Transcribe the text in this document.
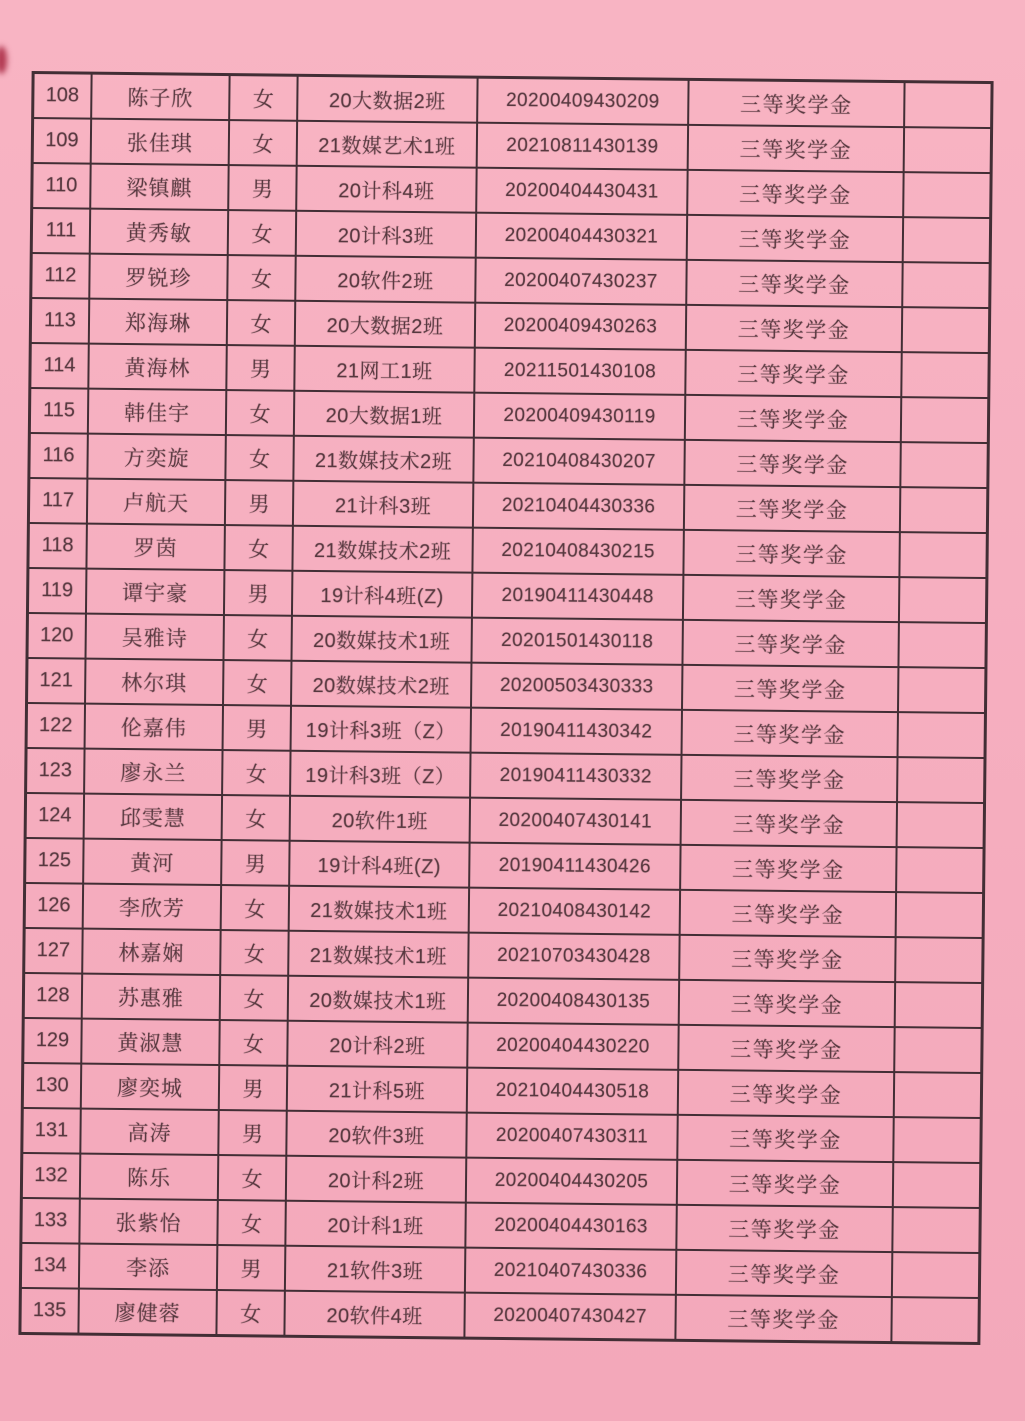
108	陈子欣	女	20大数据2班	20200409430209	三等奖学金
109	张佳琪	女	21数媒艺术1班	20210811430139	三等奖学金
110	梁镇麒	男	20计科4班	20200404430431	三等奖学金
111	黄秀敏	女	20计科3班	20200404430321	三等奖学金
112	罗锐珍	女	20软件2班	20200407430237	三等奖学金
113	郑海琳	女	20大数据2班	20200409430263	三等奖学金
114	黄海林	男	21网工1班	20211501430108	三等奖学金
115	韩佳宇	女	20大数据1班	20200409430119	三等奖学金
116	方奕旋	女	21数媒技术2班	20210408430207	三等奖学金
117	卢航天	男	21计科3班	20210404430336	三等奖学金
118	罗茵	女	21数媒技术2班	20210408430215	三等奖学金
119	谭宇豪	男	19计科4班(Z)	20190411430448	三等奖学金
120	吴雅诗	女	20数媒技术1班	20201501430118	三等奖学金
121	林尔琪	女	20数媒技术2班	20200503430333	三等奖学金
122	伦嘉伟	男	19计科3班（Z）	20190411430342	三等奖学金
123	廖永兰	女	19计科3班（Z）	20190411430332	三等奖学金
124	邱雯慧	女	20软件1班	20200407430141	三等奖学金
125	黄河	男	19计科4班(Z)	20190411430426	三等奖学金
126	李欣芳	女	21数媒技术1班	20210408430142	三等奖学金
127	林嘉娴	女	21数媒技术1班	20210703430428	三等奖学金
128	苏惠雅	女	20数媒技术1班	20200408430135	三等奖学金
129	黄淑慧	女	20计科2班	20200404430220	三等奖学金
130	廖奕城	男	21计科5班	20210404430518	三等奖学金
131	高涛	男	20软件3班	20200407430311	三等奖学金
132	陈乐	女	20计科2班	20200404430205	三等奖学金
133	张紫怡	女	20计科1班	20200404430163	三等奖学金
134	李添	男	21软件3班	20210407430336	三等奖学金
135	廖健蓉	女	20软件4班	20200407430427	三等奖学金
